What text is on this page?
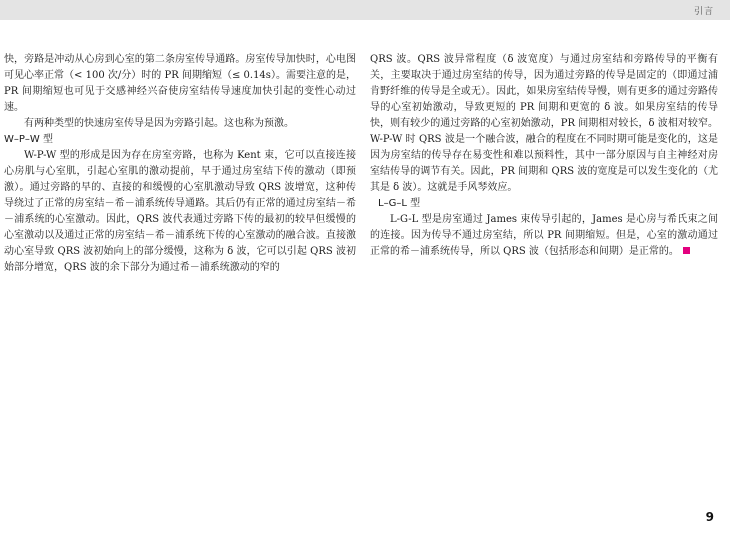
引言

快，旁路是冲动从心房到心室的第二条房室传导通路。房室传导加快时，心电图可见心率正常（< 100 次/分）时的 PR 间期缩短（≤ 0.14s）。需要注意的是，PR 间期缩短也可见于交感神经兴奋使房室结传导速度加快引起的变性心动过速。

有两种类型的快速房室传导是因为旁路引起。这也称为预激。

W–P–W 型

W-P-W 型的形成是因为存在房室旁路，也称为 Kent 束，它可以直接连接心房肌与心室肌，引起心室肌的激动提前，早于通过房室结下传的激动（即预激）。通过旁路的早的、直接的和缓慢的心室肌激动导致 QRS 波增宽，这种传导绕过了正常的房室结－希－浦系统传导通路。其后仍有正常的通过房室结－希－浦系统的心室激动。因此，QRS 波代表通过旁路下传的最初的较早但缓慢的心室激动以及通过正常的房室结－希－浦系统下传的心室激动的融合波。直接激动心室导致 QRS 波初始向上的部分缓慢，这称为 δ 波，它可以引起 QRS 波初始部分增宽，QRS 波的余下部分为通过希－浦系统激动的窄的

QRS 波。QRS 波异常程度（δ 波宽度）与通过房室结和旁路传导的平衡有关，主要取决于通过房室结的传导，因为通过旁路的传导是固定的（即通过浦肯野纤维的传导是全或无）。因此，如果房室结传导慢，则有更多的通过旁路传导的心室初始激动，导致更短的 PR 间期和更宽的 δ 波。如果房室结的传导快，则有较少的通过旁路的心室初始激动，PR 间期相对较长，δ 波相对较窄。W-P-W 时 QRS 波是一个融合波，融合的程度在不同时期可能是变化的，这是因为房室结的传导存在易变性和难以预料性，其中一部分原因与自主神经对房室结传导的调节有关。因此，PR 间期和 QRS 波的宽度是可以发生变化的（尤其是 δ 波）。这就是手风琴效应。

L–G–L 型

L-G-L 型是房室通过 James 束传导引起的，James 是心房与希氏束之间的连接。因为传导不通过房室结，所以 PR 间期缩短。但是，心室的激动通过正常的希－浦系统传导，所以 QRS 波（包括形态和间期）是正常的。

9
